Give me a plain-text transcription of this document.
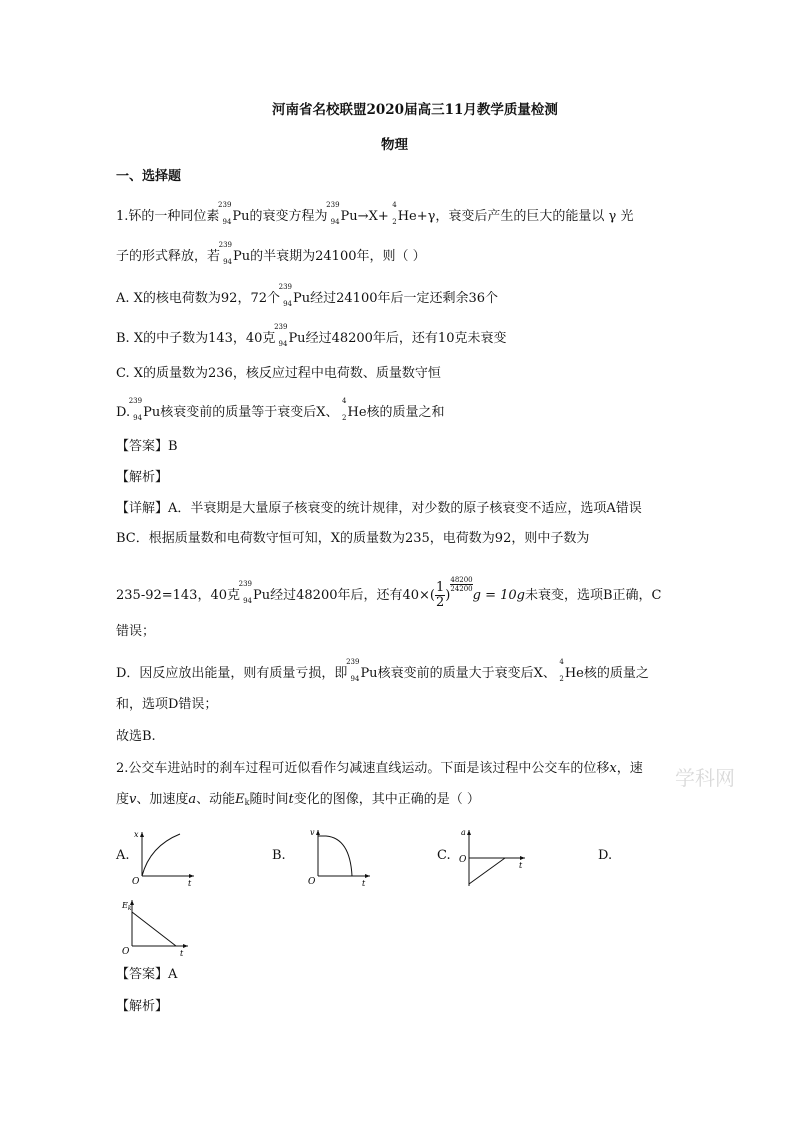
河南省名校联盟2020届高三11月教学质量检测
物理
一、选择题
1.钚的一种同位素
239
94 Pu的衰变方程为
239
94 Pu→X+
4
2 He+γ，衰变后产生的巨大的能量以 γ 光
子的形式释放，若
239
94 Pu的半衰期为24100年，则（ ）
A. X的核电荷数为92，72个
239
94 Pu经过24100年后一定还剩余36个
B. X的中子数为143，40克
239
94 Pu经过48200年后，还有10克未衰变
C. X的质量数为236，核反应过程中电荷数、质量数守恒
D.
239
94 Pu核衰变前的质量等于衰变后X、
4
2 He核的质量之和
【答案】B
【解析】
【详解】A．半衰期是大量原子核衰变的统计规律，对少数的原子核衰变不适应，选项A错误
BC．根据质量数和电荷数守恒可知，X的质量数为235，电荷数为92，则中子数为
235-92=143，40克
239
94 Pu经过48200年后，还有$40\times( \frac{1}{2}$ )
$\frac{48200}{24200}g = 10g$未衰变，选项B正确，C
错误；
D．因反应放出能量，则有质量亏损，即
239
94 Pu核衰变前的质量大于衰变后X、
4
2 He核的质量之
和，选项D错误；
故选B.
2.公交车进站时的刹车过程可近似看作匀减速直线运动。下面是该过程中公交车的位移x，速 学科网
度v、加速度a、动能$E_k$随时间t变化的图像，其中正确的是（ ）
A.	B.	C.	D.
x
O	t
v
O	t
a
O
t
$E_k$
O	t
【答案】A
【解析】
